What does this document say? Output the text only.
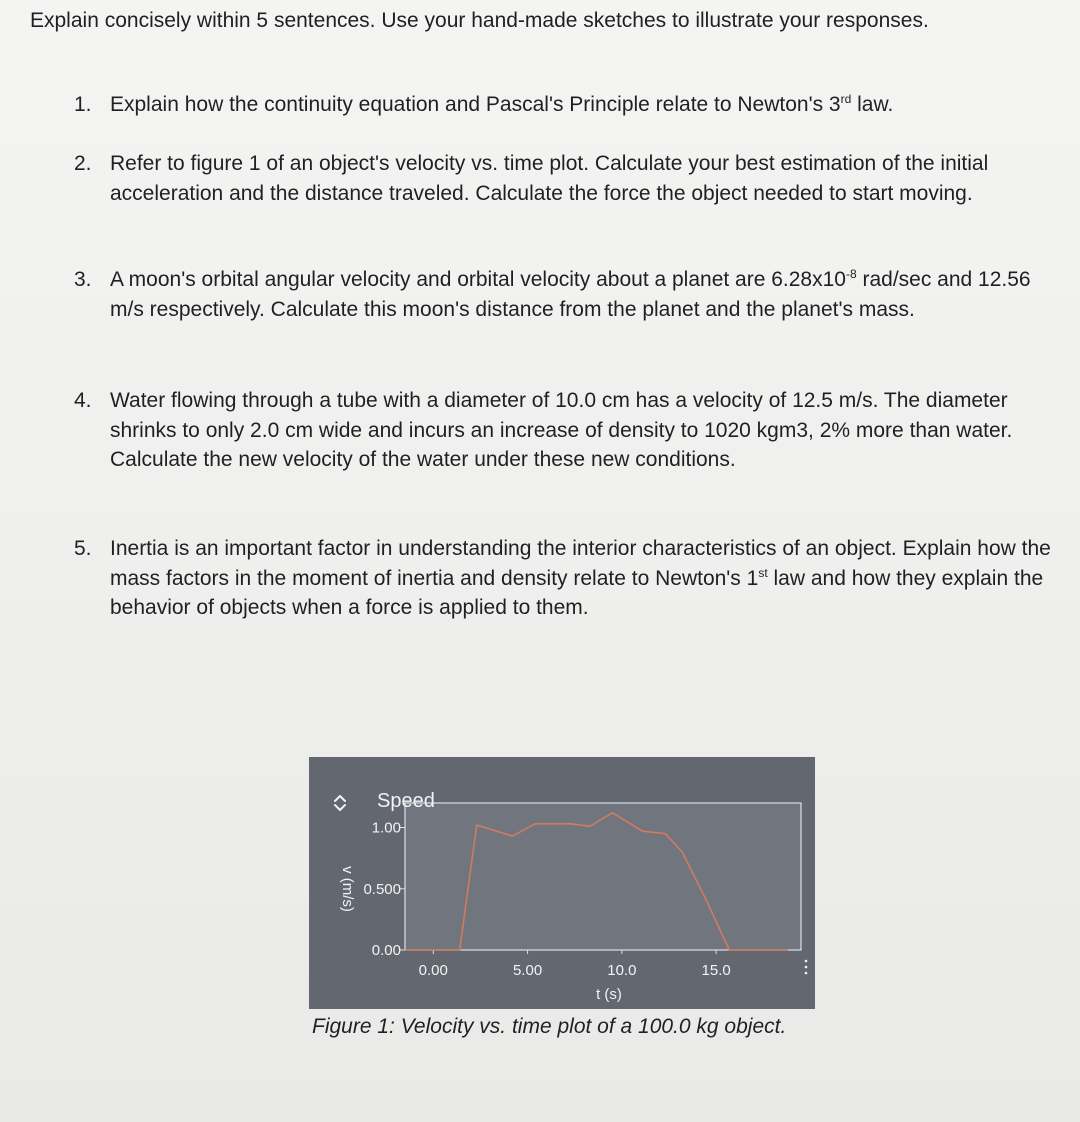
Explain concisely within 5 sentences. Use your hand-made sketches to illustrate your responses.

1. Explain how the continuity equation and Pascal's Principle relate to Newton's 3rd law.
2. Refer to figure 1 of an object's velocity vs. time plot. Calculate your best estimation of the initial acceleration and the distance traveled. Calculate the force the object needed to start moving.
3. A moon's orbital angular velocity and orbital velocity about a planet are $6.28x10^{-8}$ rad/sec and 12.56 m/s respectively. Calculate this moon's distance from the planet and the planet's mass.
4. Water flowing through a tube with a diameter of 10.0 cm has a velocity of 12.5 m/s. The diameter shrinks to only 2.0 cm wide and incurs an increase of density to 1020 kgm3, 2% more than water. Calculate the new velocity of the water under these new conditions.
5. Inertia is an important factor in understanding the interior characteristics of an object. Explain how the mass factors in the moment of inertia and density relate to Newton's 1st law and how they explain the behavior of objects when a force is applied to them.
0.00
0.500
1.00
0.00	5.00	10.0	15.0
Speed
t (s)
v (m/s)

Figure 1: Velocity vs. time plot of a 100.0 kg object.
